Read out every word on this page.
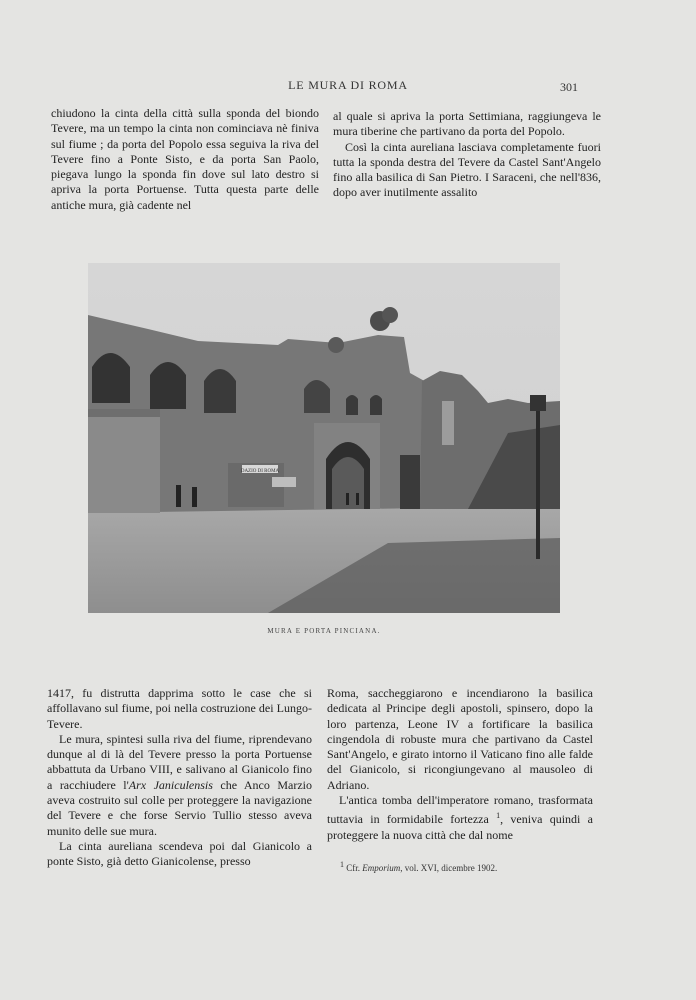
LE MURA DI ROMA	301

chiudono la cinta della città sulla sponda del biondo Tevere, ma un tempo la cinta non cominciava nè finiva sul fiume ; da porta del Popolo essa seguiva la riva del Tevere fino a Ponte Sisto, e da porta San Paolo, piegava lungo la sponda fin dove sul lato destro si apriva la porta Portuense. Tutta questa parte delle antiche mura, già cadente nel

al quale si apriva la porta Settimiana, raggiungeva le mura tiberine che partivano da porta del Popolo.

Così la cinta aureliana lasciava completamente fuori tutta la sponda destra del Tevere da Castel Sant'Angelo fino alla basilica di San Pietro. I Saraceni, che nell'836, dopo aver inutilmente assalito

DAZIO DI ROMA
MURA E PORTA PINCIANA.

1417, fu distrutta dapprima sotto le case che si affollavano sul fiume, poi nella costruzione dei Lungo-Tevere.

Le mura, spintesi sulla riva del fiume, riprendevano dunque al di là del Tevere presso la porta Portuense abbattuta da Urbano VIII, e salivano al Gianicolo fino a racchiudere l'Arx Janiculensis che Anco Marzio aveva costruito sul colle per proteggere la navigazione del Tevere e che forse Servio Tullio stesso aveva munito delle sue mura.

La cinta aureliana scendeva poi dal Gianicolo a ponte Sisto, già detto Gianicolense, presso

Roma, saccheggiarono e incendiarono la basilica dedicata al Principe degli apostoli, spinsero, dopo la loro partenza, Leone IV a fortificare la basilica cingendola di robuste mura che partivano da Castel Sant'Angelo, e girato intorno il Vaticano fino alle falde del Gianicolo, si ricongiungevano al mausoleo di Adriano.

L'antica tomba dell'imperatore romano, trasformata tuttavia in formidabile fortezza $^1$, veniva quindi a proteggere la nuova città che dal nome

$^1$ Cfr. Emporium, vol. XVI, dicembre 1902.
